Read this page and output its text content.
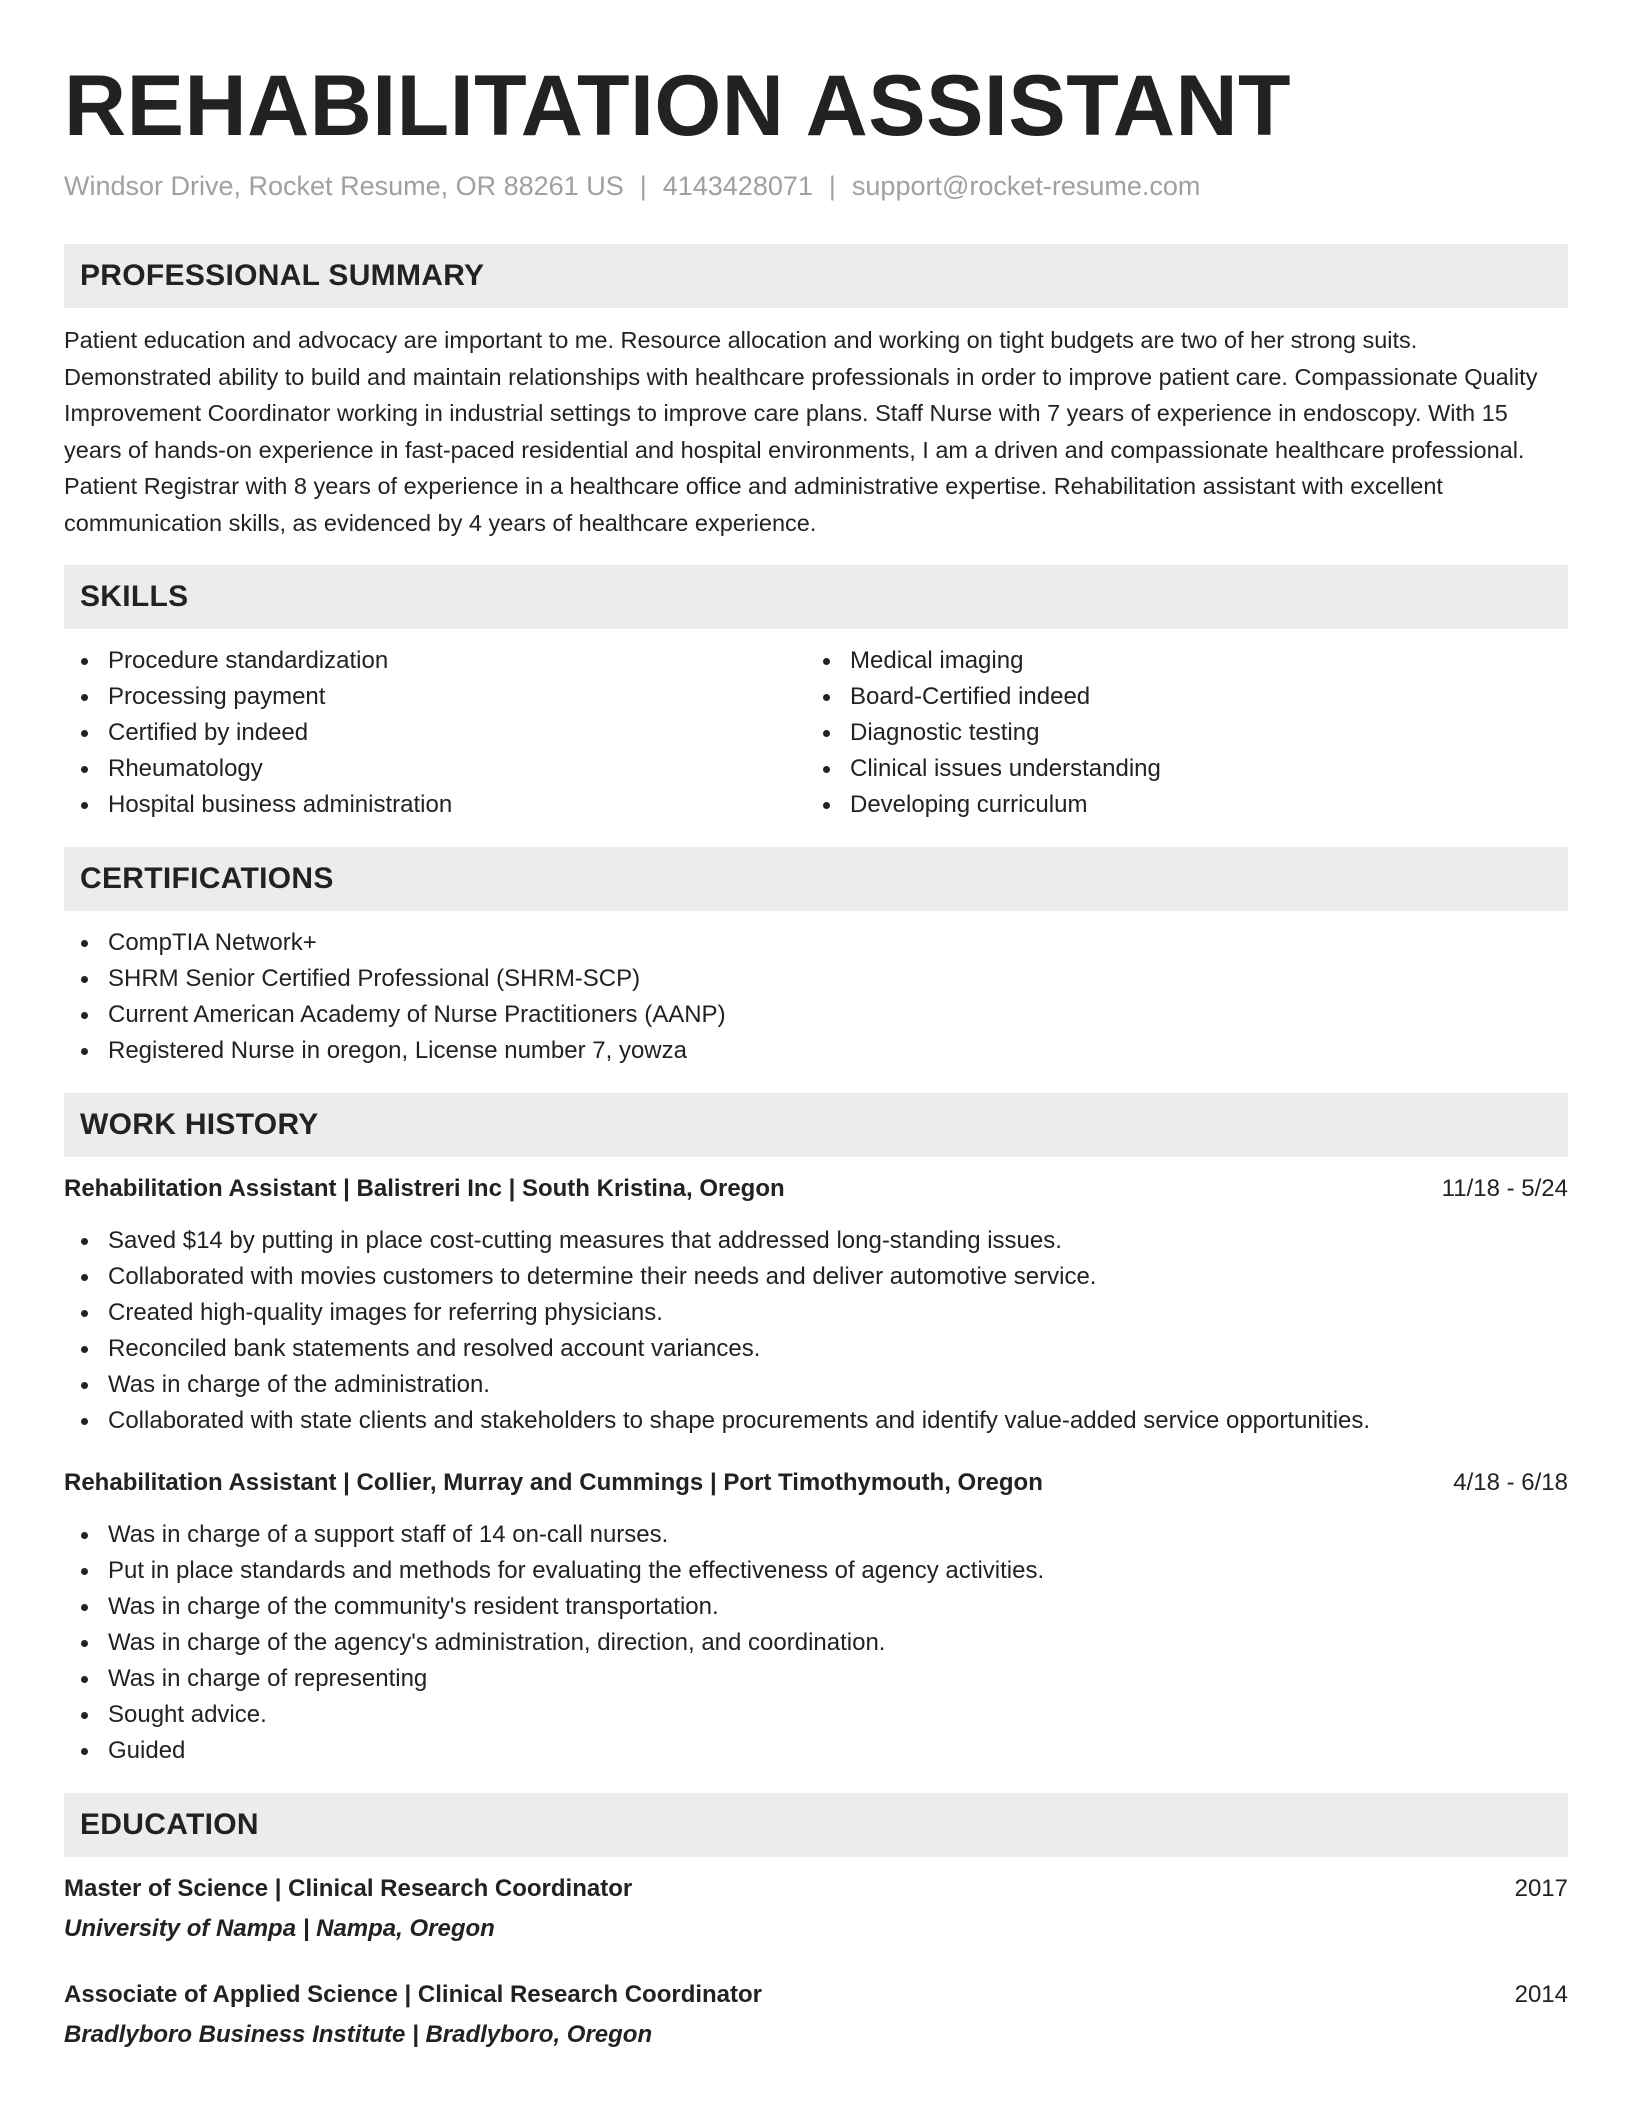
REHABILITATION ASSISTANT
Windsor Drive, Rocket Resume, OR 88261 US | 4143428071 | support@rocket-resume.com
PROFESSIONAL SUMMARY

Patient education and advocacy are important to me. Resource allocation and working on tight budgets are two of her strong suits. Demonstrated ability to build and maintain relationships with healthcare professionals in order to improve patient care. Compassionate Quality Improvement Coordinator working in industrial settings to improve care plans. Staff Nurse with 7 years of experience in endoscopy. With 15 years of hands-on experience in fast-paced residential and hospital environments, I am a driven and compassionate healthcare professional. Patient Registrar with 8 years of experience in a healthcare office and administrative expertise. Rehabilitation assistant with excellent communication skills, as evidenced by 4 years of healthcare experience.

SKILLS
Procedure standardization
Processing payment
Certified by indeed
Rheumatology
Hospital business administration
Medical imaging
Board-Certified indeed
Diagnostic testing
Clinical issues understanding
Developing curriculum
CERTIFICATIONS
CompTIA Network+
SHRM Senior Certified Professional (SHRM-SCP)
Current American Academy of Nurse Practitioners (AANP)
Registered Nurse in oregon, License number 7, yowza
WORK HISTORY
Rehabilitation Assistant | Balistreri Inc | South Kristina, Oregon	11/18 - 5/24
Saved $14 by putting in place cost-cutting measures that addressed long-standing issues.
Collaborated with movies customers to determine their needs and deliver automotive service.
Created high-quality images for referring physicians.
Reconciled bank statements and resolved account variances.
Was in charge of the administration.
Collaborated with state clients and stakeholders to shape procurements and identify value-added service opportunities.
Rehabilitation Assistant | Collier, Murray and Cummings | Port Timothymouth, Oregon	4/18 - 6/18
Was in charge of a support staff of 14 on-call nurses.
Put in place standards and methods for evaluating the effectiveness of agency activities.
Was in charge of the community's resident transportation.
Was in charge of the agency's administration, direction, and coordination.
Was in charge of representing
Sought advice.
Guided
EDUCATION
Master of Science | Clinical Research Coordinator	2017
University of Nampa | Nampa, Oregon
Associate of Applied Science | Clinical Research Coordinator	2014
Bradlyboro Business Institute | Bradlyboro, Oregon
